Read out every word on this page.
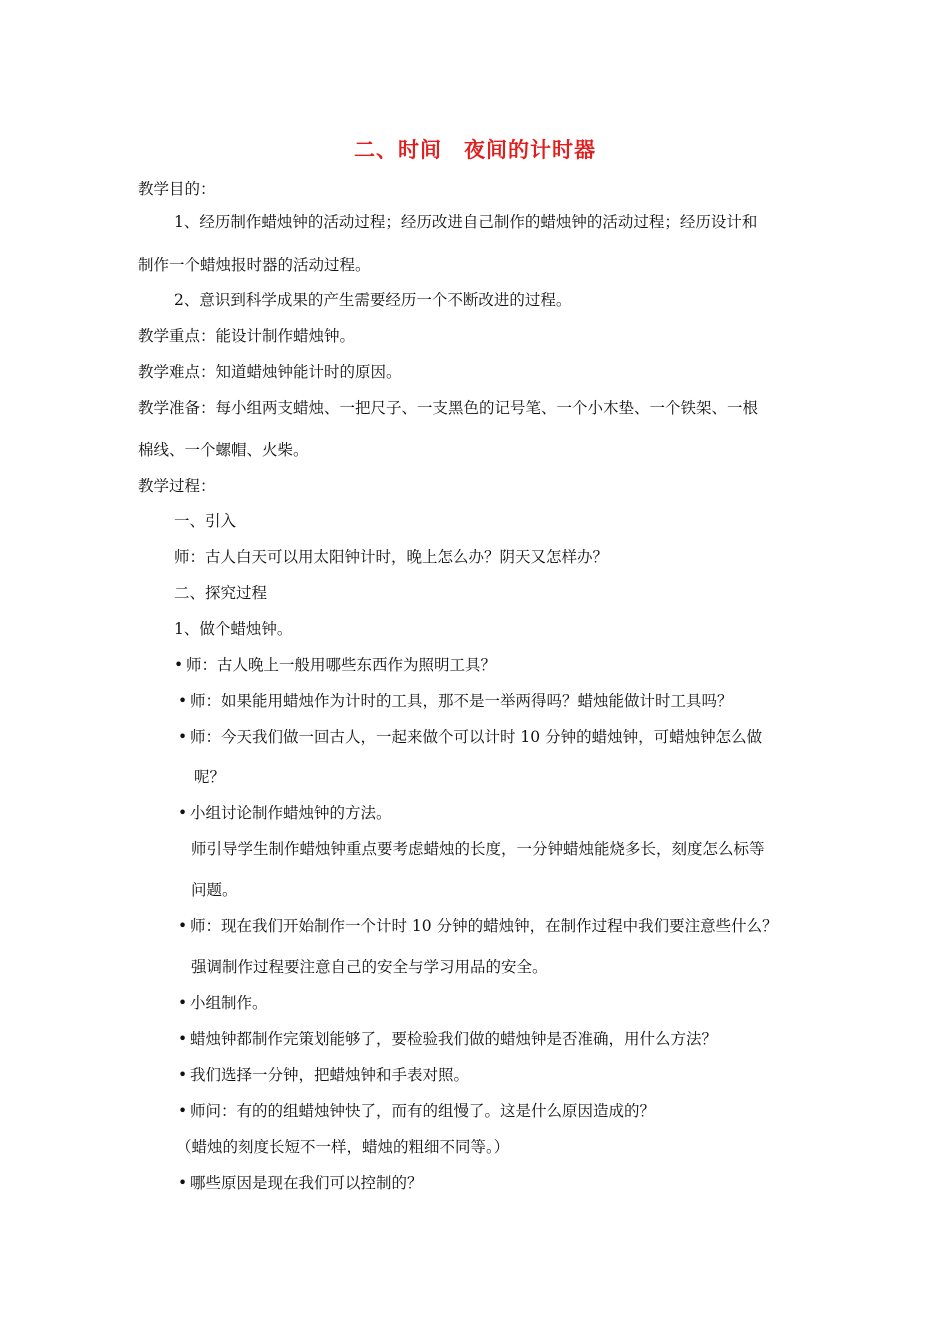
二、时间　夜间的计时器
教学目的：
1、经历制作蜡烛钟的活动过程；经历改进自己制作的蜡烛钟的活动过程；经历设计和
制作一个蜡烛报时器的活动过程。
2、意识到科学成果的产生需要经历一个不断改进的过程。
教学重点：能设计制作蜡烛钟。
教学难点：知道蜡烛钟能计时的原因。
教学准备：每小组两支蜡烛、一把尺子、一支黑色的记号笔、一个小木垫、一个铁架、一根
棉线、一个螺帽、火柴。
教学过程：
一、引入
师：古人白天可以用太阳钟计时，晚上怎么办？阴天又怎样办？
二、探究过程
1、做个蜡烛钟。
• 师：古人晚上一般用哪些东西作为照明工具？
• 师：如果能用蜡烛作为计时的工具，那不是一举两得吗？蜡烛能做计时工具吗？
• 师：今天我们做一回古人，一起来做个可以计时 10 分钟的蜡烛钟，可蜡烛钟怎么做
呢？
• 小组讨论制作蜡烛钟的方法。
师引导学生制作蜡烛钟重点要考虑蜡烛的长度，一分钟蜡烛能烧多长，刻度怎么标等
问题。
• 师：现在我们开始制作一个计时 10 分钟的蜡烛钟，在制作过程中我们要注意些什么？
强调制作过程要注意自己的安全与学习用品的安全。
• 小组制作。
• 蜡烛钟都制作完策划能够了，要检验我们做的蜡烛钟是否准确，用什么方法？
• 我们选择一分钟，把蜡烛钟和手表对照。
• 师问：有的的组蜡烛钟快了，而有的组慢了。这是什么原因造成的？
（蜡烛的刻度长短不一样，蜡烛的粗细不同等。）
• 哪些原因是现在我们可以控制的？
